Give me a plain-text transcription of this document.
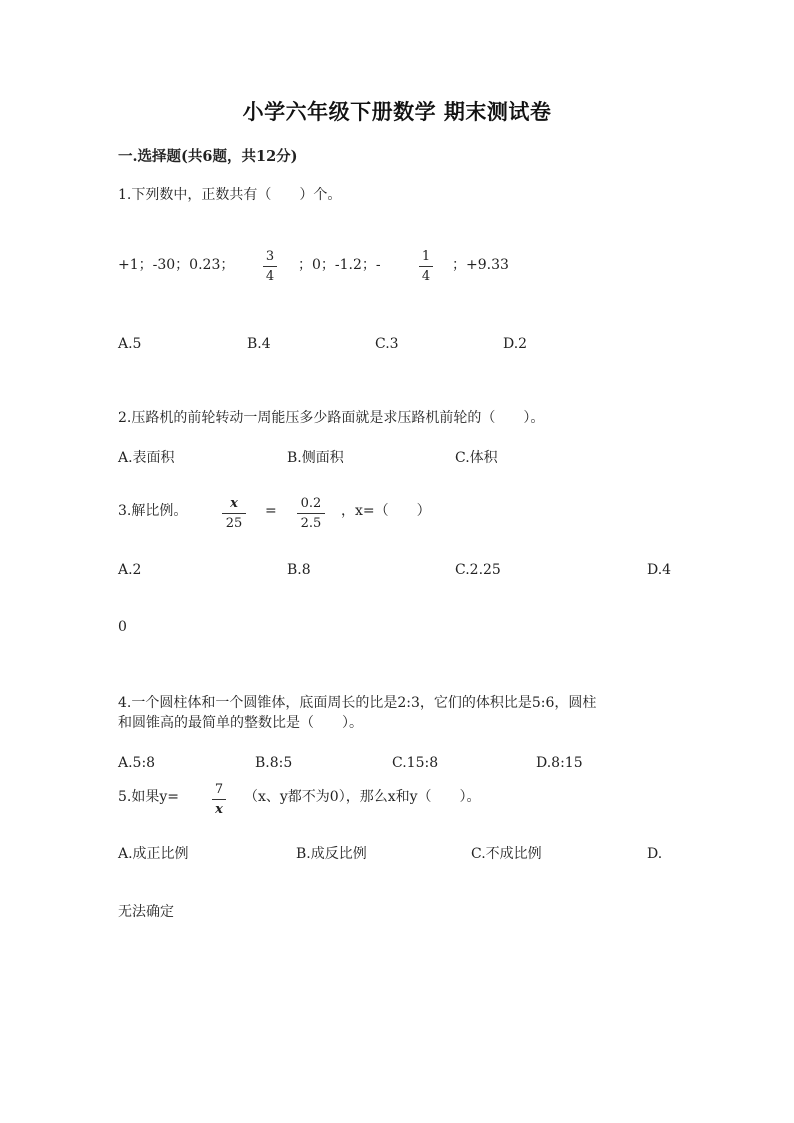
小学六年级下册数学 期末测试卷
一.选择题(共6题，共12分)
1.下列数中，正数共有（　　）个。
+1；-30；0.23；
3
4
；0；-1.2；-
1
4
；+9.33
A.5	B.4	C.3	D.2
2.压路机的前轮转动一周能压多少路面就是求压路机前轮的（　　）。
A.表面积	B.侧面积	C.体积
3.解比例。	x
25
= 0.2
2.5
，x=（　　）
A.2	B.8	C.2.25	D.4
0
4.一个圆柱体和一个圆锥体，底面周长的比是2:3，它们的体积比是5:6，圆柱
和圆锥高的最简单的整数比是（　　）。
A.5:8	B.8:5	C.15:8	D.8:15
5.如果y=	7
x
（x、y都不为0），那么x和y（　　）。
A.成正比例	B.成反比例	C.不成比例	D.
无法确定
